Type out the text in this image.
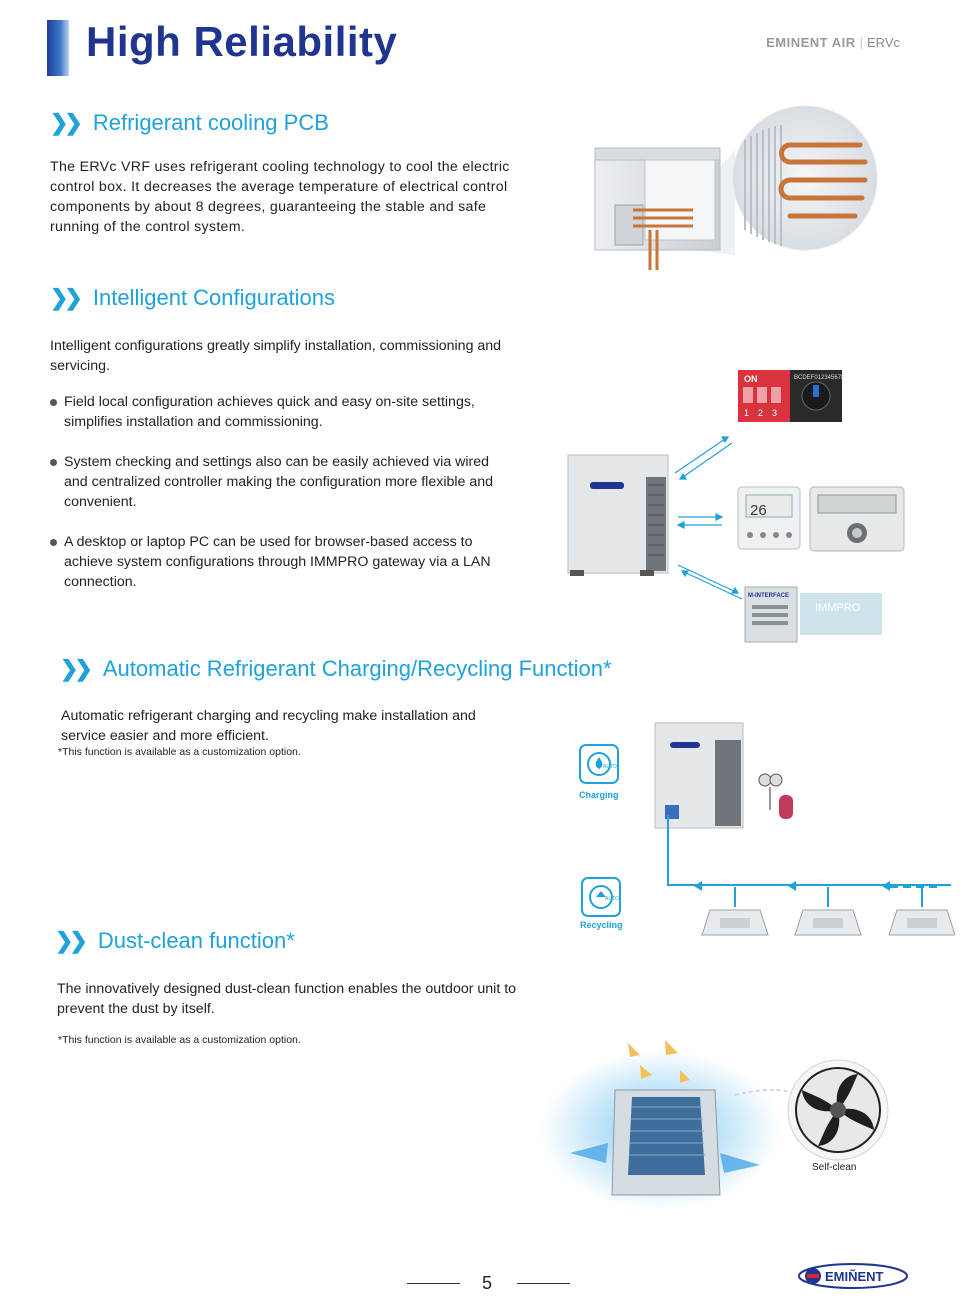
High Reliability	EMINENT AIR | ERVc
❯❯ Refrigerant cooling PCB
The ERVc VRF uses refrigerant cooling technology to cool the electric control box. It decreases the average temperature of electrical control components by about 8 degrees, guaranteeing the stable and safe running of the control system.
❯❯ Intelligent Configurations
Intelligent configurations greatly simplify installation, commissioning and servicing.
Field local configuration achieves quick and easy on-site settings, simplifies installation and commissioning.
System checking and settings also can be easily achieved via wired and centralized controller making the configuration more flexible and convenient.
A desktop or laptop PC can be used for browser-based access to achieve system configurations through IMMPRO gateway via a LAN connection.
ON
1 2 3
BCDEF012345678
26
M-INTERFACE
IMMPRO
❯❯ Automatic Refrigerant Charging/Recycling Function*
Automatic refrigerant charging and recycling make installation and service easier and more efficient.
*This function is available as a customization option.
AUTO
Charging
AUTO
Recycling
❯❯ Dust-clean function*
The innovatively designed dust-clean function enables the outdoor unit to prevent the dust by itself.
*This function is available as a customization option.
Self-clean
5	EMIÑENT
